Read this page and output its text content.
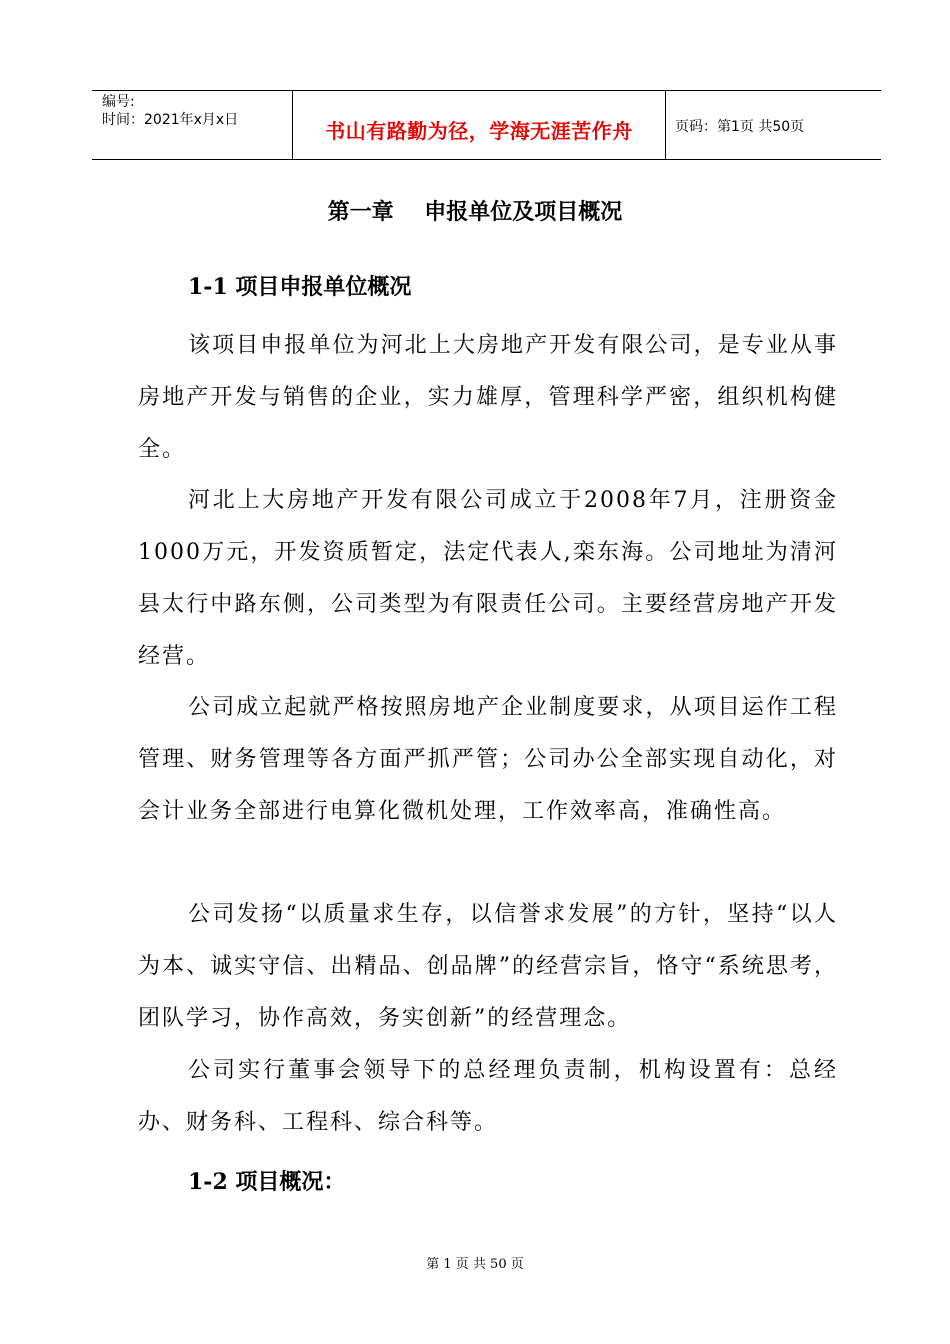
编号:
时间：2021年x月x日	书山有路勤为径，学海无涯苦作舟	页码：第1页 共50页
第一章    申报单位及项目概况
1-1 项目申报单位概况

该项目申报单位为河北上大房地产开发有限公司，是专业从事房地产开发与销售的企业，实力雄厚，管理科学严密，组织机构健全。

河北上大房地产开发有限公司成立于2008年7月，注册资金1000万元，开发资质暂定，法定代表人,栾东海。公司地址为清河县太行中路东侧，公司类型为有限责任公司。主要经营房地产开发经营。

公司成立起就严格按照房地产企业制度要求，从项目运作工程管理、财务管理等各方面严抓严管；公司办公全部实现自动化，对会计业务全部进行电算化微机处理，工作效率高，准确性高。

公司发扬“以质量求生存，以信誉求发展”的方针，坚持“以人为本、诚实守信、出精品、创品牌”的经营宗旨，恪守“系统思考，团队学习，协作高效，务实创新”的经营理念。

公司实行董事会领导下的总经理负责制，机构设置有：总经办、财务科、工程科、综合科等。

1-2 项目概况：
第 1 页 共 50 页
